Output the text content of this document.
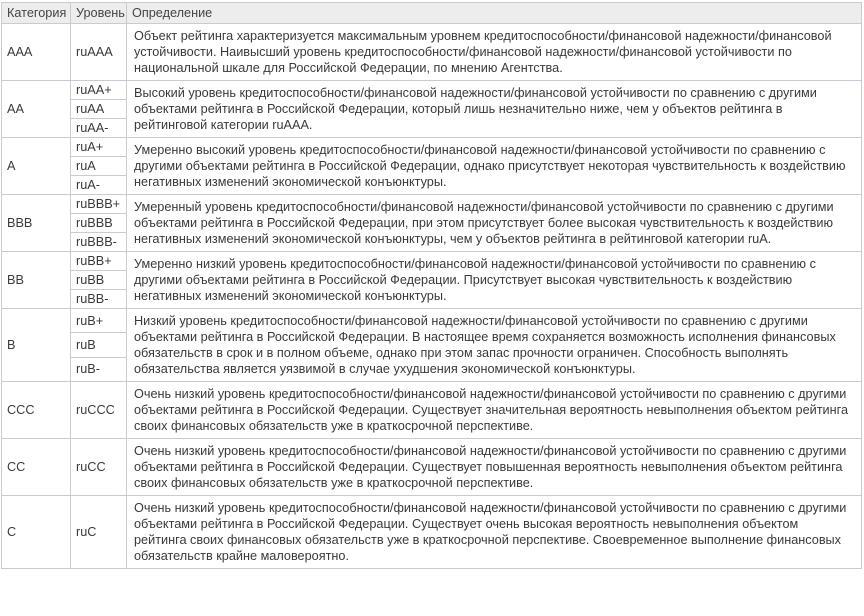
Категория	Уровень	Определение
AAA	ruAAA	Объект рейтинга характеризуется максимальным уровнем кредитоспособности/финансовой надежности/финансовой устойчивости. Наивысший уровень кредитоспособности/финансовой надежности/финансовой устойчивости по национальной шкале для Российской Федерации, по мнению Агентства.
AA	ruAA+	Высокий уровень кредитоспособности/финансовой надежности/финансовой устойчивости по сравнению с другими объектами рейтинга в Российской Федерации, который лишь незначительно ниже, чем у объектов рейтинга в рейтинговой категории ruAAA.
	ruAA	
	ruAA-	
A	ruA+	Умеренно высокий уровень кредитоспособности/финансовой надежности/финансовой устойчивости по сравнению с другими объектами рейтинга в Российской Федерации, однако присутствует некоторая чувствительность к воздействию негативных изменений экономической конъюнктуры.
	ruA	
	ruA-	
BBB	ruBBB+	Умеренный уровень кредитоспособности/финансовой надежности/финансовой устойчивости по сравнению с другими объектами рейтинга в Российской Федерации, при этом присутствует более высокая чувствительность к воздействию негативных изменений экономической конъюнктуры, чем у объектов рейтинга в рейтинговой категории ruA.
	ruBBB	
	ruBBB-	
BB	ruBB+	Умеренно низкий уровень кредитоспособности/финансовой надежности/финансовой устойчивости по сравнению с другими объектами рейтинга в Российской Федерации. Присутствует высокая чувствительность к воздействию негативных изменений экономической конъюнктуры.
	ruBB	
	ruBB-	
B	ruB+	Низкий уровень кредитоспособности/финансовой надежности/финансовой устойчивости по сравнению с другими объектами рейтинга в Российской Федерации. В настоящее время сохраняется возможность исполнения финансовых обязательств в срок и в полном объеме, однако при этом запас прочности ограничен. Способность выполнять обязательства является уязвимой в случае ухудшения экономической конъюнктуры.
	ruB	
	ruB-	
CCC	ruCCC	Очень низкий уровень кредитоспособности/финансовой надежности/финансовой устойчивости по сравнению с другими объектами рейтинга в Российской Федерации. Существует значительная вероятность невыполнения объектом рейтинга своих финансовых обязательств уже в краткосрочной перспективе.
CC	ruCC	Очень низкий уровень кредитоспособности/финансовой надежности/финансовой устойчивости по сравнению с другими объектами рейтинга в Российской Федерации. Существует повышенная вероятность невыполнения объектом рейтинга своих финансовых обязательств уже в краткосрочной перспективе.
C	ruC	Очень низкий уровень кредитоспособности/финансовой надежности/финансовой устойчивости по сравнению с другими объектами рейтинга в Российской Федерации. Существует очень высокая вероятность невыполнения объектом рейтинга своих финансовых обязательств уже в краткосрочной перспективе. Своевременное выполнение финансовых обязательств крайне маловероятно.
